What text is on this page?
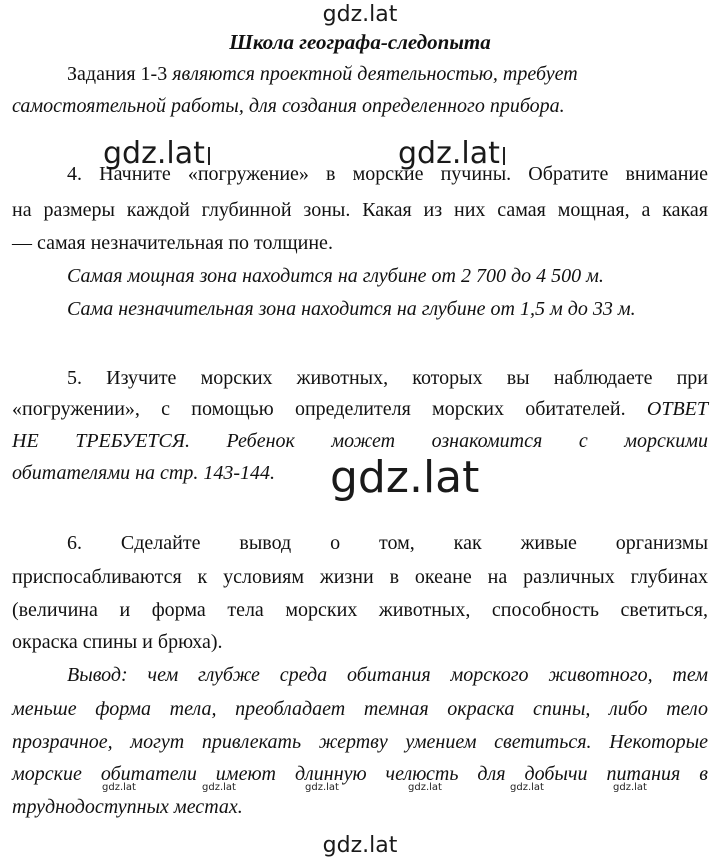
gdz.lat
gdz.lat	gdz.lat
gdz.lat
gdz.lat
gdz.lat	gdz.lat	gdz.lat	gdz.lat	gdz.lat	gdz.lat
Школа географа-следопыта
Задания 1-3 являются проектной деятельностью, требует
самостоятельной работы, для создания определенного прибора.
4. Начните «погружение» в морские пучины. Обратите внимание
на размеры каждой глубинной зоны. Какая из них самая мощная, а какая
— самая незначительная по толщине.
Самая мощная зона находится на глубине от 2 700 до 4 500 м.
Сама незначительная зона находится на глубине от 1,5 м до 33 м.
5. Изучите морских животных, которых вы наблюдаете при
«погружении», с помощью определителя морских обитателей. ОТВЕТ
НЕ ТРЕБУЕТСЯ. Ребенок может ознакомится с морскими
обитателями на стр. 143-144.
6. Сделайте вывод о том, как живые организмы
приспосабливаются к условиям жизни в океане на различных глубинах
(величина и форма тела морских животных, способность светиться,
окраска спины и брюха).
Вывод: чем глубже среда обитания морского животного, тем
меньше форма тела, преобладает темная окраска спины, либо тело
прозрачное, могут привлекать жертву умением светиться. Некоторые
морские обитатели имеют длинную челюсть для добычи питания в
труднодоступных местах.
